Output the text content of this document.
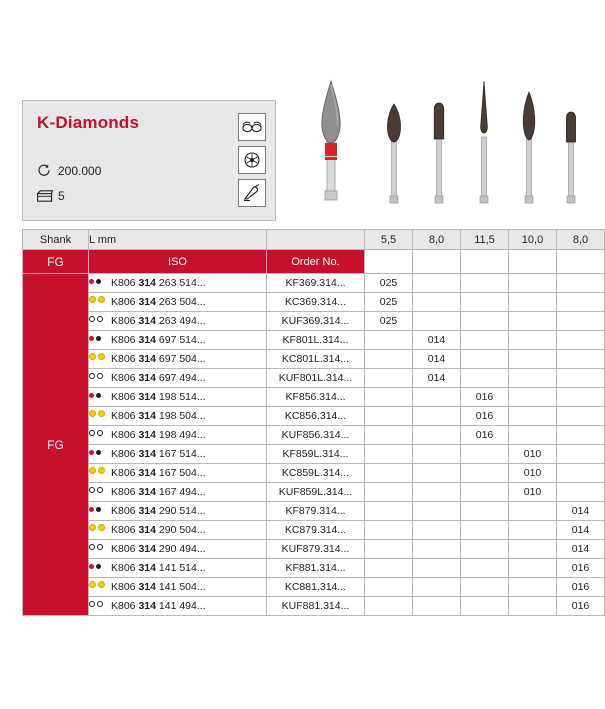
K-Diamonds
200.000
5
Shank	L mm		5,5	8,0	11,5	10,0	8,0
FG	ISO	Order No.					
FG	K806 314 263 514...	KF369.314...	025				
	K806 314 263 504...	KC369.314...	025				
	K806 314 263 494...	KUF369.314...	025				
	K806 314 697 514...	KF801L.314...		014			
	K806 314 697 504...	KC801L.314...		014			
	K806 314 697 494...	KUF801L.314...		014			
	K806 314 198 514...	KF856.314...			016		
	K806 314 198 504...	KC856.314...			016		
	K806 314 198 494...	KUF856.314...			016		
	K806 314 167 514...	KF859L.314...				010	
	K806 314 167 504...	KC859L.314...				010	
	K806 314 167 494...	KUF859L.314...				010	
	K806 314 290 514...	KF879.314...					014
	K806 314 290 504...	KC879.314...					014
	K806 314 290 494...	KUF879.314...					014
	K806 314 141 514...	KF881.314...					016
	K806 314 141 504...	KC881.314...					016
	K806 314 141 494...	KUF881.314...					016
